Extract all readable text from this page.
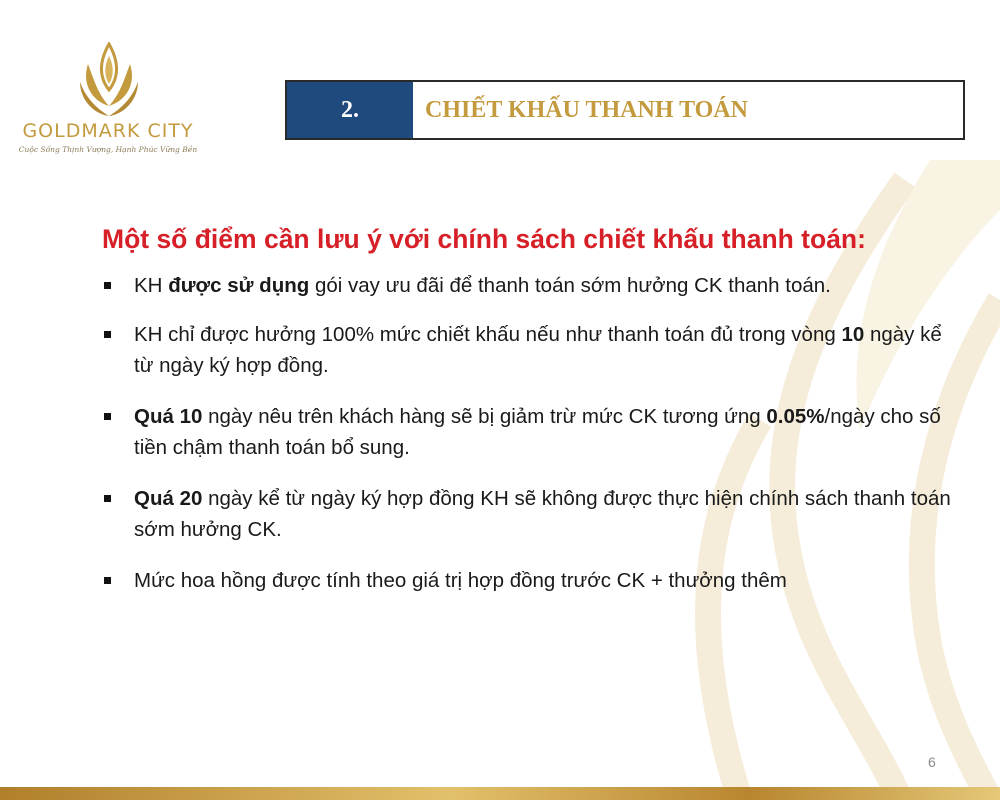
GOLDMARK CITY
Cuộc Sống Thịnh Vượng, Hạnh Phúc Vững Bền
2.	CHIẾT KHẤU THANH TOÁN
Một số điểm cần lưu ý với chính sách chiết khấu thanh toán:
KH được sử dụng gói vay ưu đãi để thanh toán sớm hưởng CK thanh toán.
KH chỉ được hưởng 100% mức chiết khấu nếu như thanh toán đủ trong vòng 10 ngày kể từ ngày ký hợp đồng.
Quá 10 ngày nêu trên khách hàng sẽ bị giảm trừ mức CK tương ứng 0.05%/ngày cho số tiền chậm thanh toán bổ sung.
Quá 20 ngày kể từ ngày ký hợp đồng KH sẽ không được thực hiện chính sách thanh toán sớm hưởng CK.
Mức hoa hồng được tính theo giá trị hợp đồng trước CK + thưởng thêm
6
